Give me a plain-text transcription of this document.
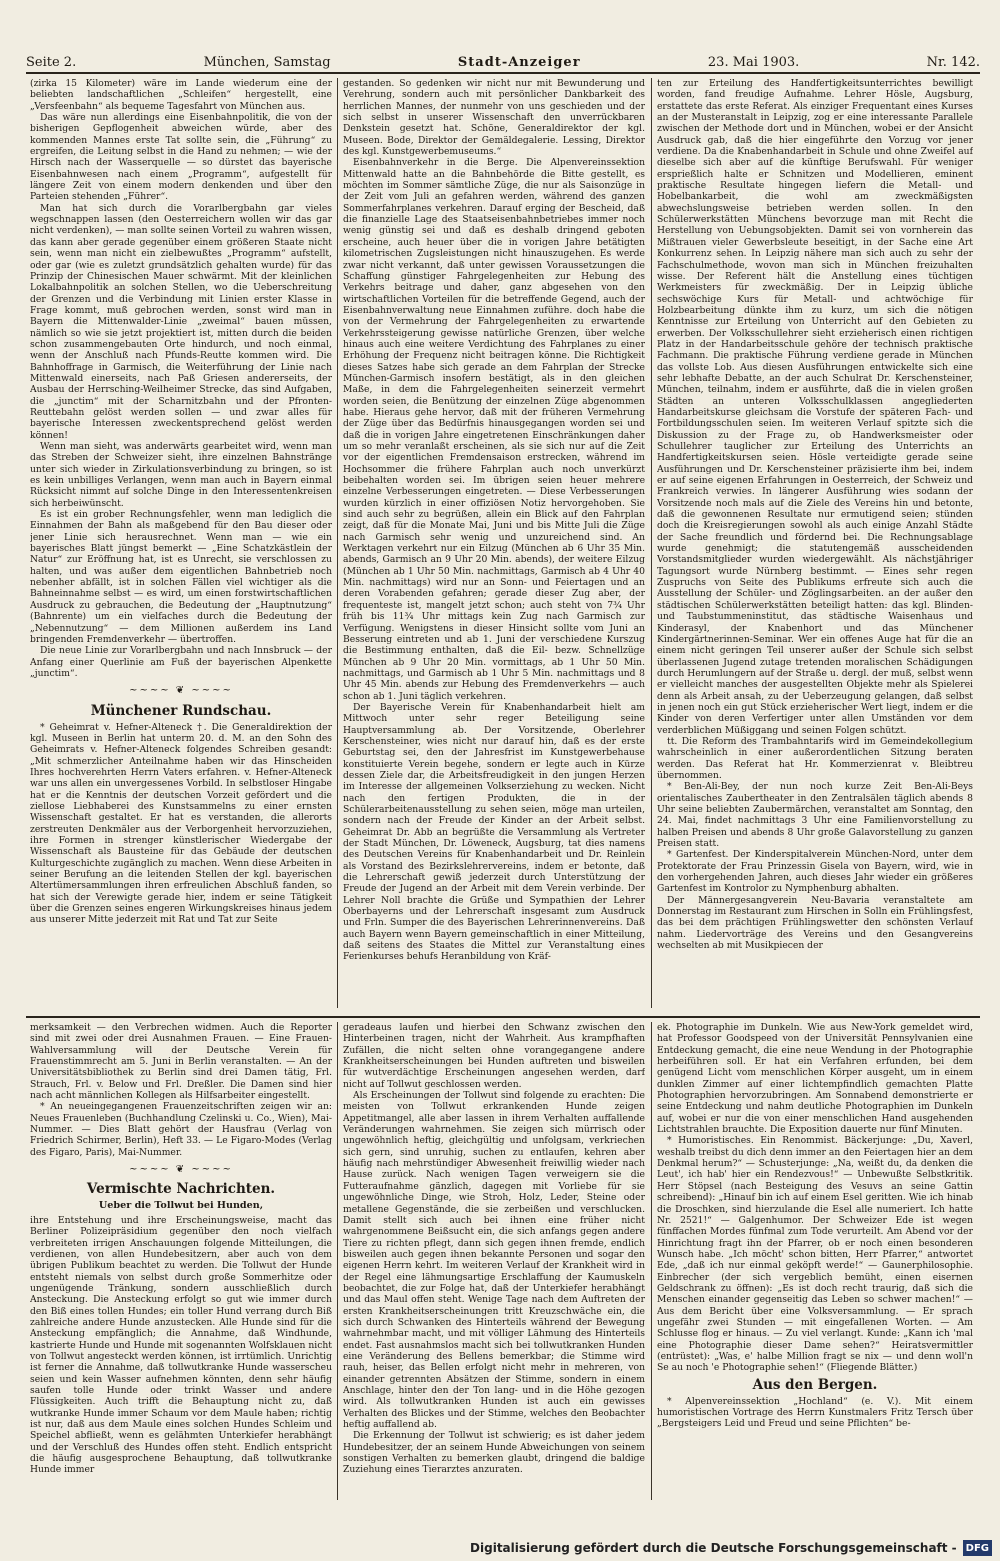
Seite 2.	München, Samstag	Stadt-Anzeiger	23. Mai 1903.	Nr. 142.

(zirka 15 Kilometer) wäre im Lande wiederum eine der beliebten landschaftlichen „Schleifen“ hergestellt, eine „Versfeenbahn“ als bequeme Tagesfahrt von München aus.

Das wäre nun allerdings eine Eisenbahnpolitik, die von der bisherigen Gepflogenheit abweichen würde, aber des kommenden Mannes erste Tat sollte sein, die „Führung“ zu ergreifen, die Leitung selbst in die Hand zu nehmen; — wie der Hirsch nach der Wasserquelle — so dürstet das bayerische Eisenbahnwesen nach einem „Programm“, aufgestellt für längere Zeit von einem modern denkenden und über den Parteien stehenden „Führer“.

Man hat sich durch die Vorarlbergbahn gar vieles wegschnappen lassen (den Oesterreichern wollen wir das gar nicht verdenken), — man sollte seinen Vorteil zu wahren wissen, das kann aber gerade gegenüber einem größeren Staate nicht sein, wenn man nicht ein zielbewußtes „Programm“ aufstellt, oder gar (wie es zuletzt grundsätzlich gehalten wurde) für das Prinzip der Chinesischen Mauer schwärmt. Mit der kleinlichen Lokalbahnpolitik an solchen Stellen, wo die Ueberschreitung der Grenzen und die Verbindung mit Linien erster Klasse in Frage kommt, muß gebrochen werden, sonst wird man in Bayern die Mittenwalder-Linie „zweimal“ bauen müssen, nämlich so wie sie jetzt projektiert ist, mitten durch die beiden schon zusammengebauten Orte hindurch, und noch einmal, wenn der Anschluß nach Pfunds-Reutte kommen wird. Die Bahnhoffrage in Garmisch, die Weiterführung der Linie nach Mittenwald einerseits, nach Paß Griesen andererseits, der Ausbau der Herrsching-Weilheimer Strecke, das sind Aufgaben, die „junctim“ mit der Scharnitzbahn und der Pfronten-Reuttebahn gelöst werden sollen — und zwar alles für bayerische Interessen zweckentsprechend gelöst werden können!

Wenn man sieht, was anderwärts gearbeitet wird, wenn man das Streben der Schweizer sieht, ihre einzelnen Bahnstränge unter sich wieder in Zirkulationsverbindung zu bringen, so ist es kein unbilliges Verlangen, wenn man auch in Bayern einmal Rücksicht nimmt auf solche Dinge in den Interessentenkreisen sich herbeiwünscht.

Es ist ein grober Rechnungsfehler, wenn man lediglich die Einnahmen der Bahn als maßgebend für den Bau dieser oder jener Linie sich herausrechnet. Wenn man — wie ein bayerisches Blatt jüngst bemerkt — „Eine Schatzkästlein der Natur“ zur Eröffnung hat, ist es Unrecht, sie verschlossen zu halten, und was außer dem eigentlichen Bahnbetrieb noch nebenher abfällt, ist in solchen Fällen viel wichtiger als die Bahneinnahme selbst — es wird, um einen forstwirtschaftlichen Ausdruck zu gebrauchen, die Bedeutung der „Hauptnutzung“ (Bahnrente) um ein vielfaches durch die Bedeutung der „Nebennutzung“ — dem Millionen außerdem ins Land bringenden Fremdenverkehr — übertroffen.

Die neue Linie zur Vorarlbergbahn und nach Innsbruck — der Anfang einer Querlinie am Fuß der bayerischen Alpenkette „junctim“.

~~~~ ❦ ~~~~
Münchener Rundschau.

* Geheimrat v. Hefner-Alteneck †. Die Generaldirektion der kgl. Museen in Berlin hat unterm 20. d. M. an den Sohn des Geheimrats v. Hefner-Alteneck folgendes Schreiben gesandt: „Mit schmerzlicher Anteilnahme haben wir das Hinscheiden Ihres hochverehrten Herrn Vaters erfahren. v. Hefner-Alteneck war uns allen ein unvergessenes Vorbild. In selbstloser Hingabe hat er die Kenntnis der deutschen Vorzeit gefördert und die ziellose Liebhaberei des Kunstsammelns zu einer ernsten Wissenschaft gestaltet. Er hat es verstanden, die allerorts zerstreuten Denkmäler aus der Verborgenheit hervorzuziehen, ihre Formen in strenger künstlerischer Wiedergabe der Wissenschaft als Bausteine für das Gebäude der deutschen Kulturgeschichte zugänglich zu machen. Wenn diese Arbeiten in seiner Berufung an die leitenden Stellen der kgl. bayerischen Altertümersammlungen ihren erfreulichen Abschluß fanden, so hat sich der Verewigte gerade hier, indem er seine Tätigkeit über die Grenzen seines engeren Wirkungskreises hinaus jedem aus unserer Mitte jederzeit mit Rat und Tat zur Seite

gestanden. So gedenken wir nicht nur mit Bewunderung und Verehrung, sondern auch mit persönlicher Dankbarkeit des herrlichen Mannes, der nunmehr von uns geschieden und der sich selbst in unserer Wissenschaft den unverrückbaren Denkstein gesetzt hat. Schöne, Generaldirektor der kgl. Museen. Bode, Direktor der Gemäldegalerie. Lessing, Direktor des kgl. Kunstgewerbemuseums.“

Eisenbahnverkehr in die Berge. Die Alpenvereinssektion Mittenwald hatte an die Bahnbehörde die Bitte gestellt, es möchten im Sommer sämtliche Züge, die nur als Saisonzüge in der Zeit vom Juli an gefahren werden, während des ganzen Sommerfahrplanes verkehren. Darauf erging der Bescheid, daß die finanzielle Lage des Staatseisenbahnbetriebes immer noch wenig günstig sei und daß es deshalb dringend geboten erscheine, auch heuer über die in vorigen Jahre betätigten kilometrischen Zugsleistungen nicht hinauszugehen. Es werde zwar nicht verkannt, daß unter gewissen Voraussetzungen die Schaffung günstiger Fahrgelegenheiten zur Hebung des Verkehrs beitrage und daher, ganz abgesehen von den wirtschaftlichen Vorteilen für die betreffende Gegend, auch der Eisenbahnverwaltung neue Einnahmen zuführe. doch habe die von der Vermehrung der Fahrgelegenheiten zu erwartende Verkehrssteigerung gewisse natürliche Grenzen, über welche hinaus auch eine weitere Verdichtung des Fahrplanes zu einer Erhöhung der Frequenz nicht beitragen könne. Die Richtigkeit dieses Satzes habe sich gerade an dem Fahrplan der Strecke München-Garmisch insofern bestätigt, als in den gleichen Maße, in dem die Fahrgelegenheiten seinerzeit vermehrt worden seien, die Benützung der einzelnen Züge abgenommen habe. Hieraus gehe hervor, daß mit der früheren Vermehrung der Züge über das Bedürfnis hinausgegangen worden sei und daß die in vorigen Jahre eingetretenen Einschränkungen daher um so mehr veranlaßt erscheinen, als sie sich nur auf die Zeit vor der eigentlichen Fremdensaison erstrecken, während im Hochsommer die frühere Fahrplan auch noch unverkürzt beibehalten worden sei. Im übrigen seien heuer mehrere einzelne Verbesserungen eingetreten. — Diese Verbesserungen wurden kürzlich in einer offiziösen Notiz hervorgehoben. Sie sind auch sehr zu begrüßen, allein ein Blick auf den Fahrplan zeigt, daß für die Monate Mai, Juni und bis Mitte Juli die Züge nach Garmisch sehr wenig und unzureichend sind. An Werktagen verkehrt nur ein Eilzug (München ab 6 Uhr 35 Min. abends, Garmisch an 9 Uhr 20 Min. abends), der weitere Eilzug (München ab 1 Uhr 50 Min. nachmittags, Garmisch ab 4 Uhr 40 Min. nachmittags) wird nur an Sonn- und Feiertagen und an deren Vorabenden gefahren; gerade dieser Zug aber, der frequenteste ist, mangelt jetzt schon; auch steht von 7¾ Uhr früh bis 11¾ Uhr mittags kein Zug nach Garmisch zur Verfügung. Wenigstens in dieser Hinsicht sollte vom Juni an Besserung eintreten und ab 1. Juni der verschiedene Kurszug die Bestimmung enthalten, daß die Eil- bezw. Schnellzüge München ab 9 Uhr 20 Min. vormittags, ab 1 Uhr 50 Min. nachmittags, und Garmisch ab 1 Uhr 5 Min. nachmittags und 8 Uhr 45 Min. abends zur Hebung des Fremdenverkehrs — auch schon ab 1. Juni täglich verkehren.

Der Bayerische Verein für Knabenhandarbeit hielt am Mittwoch unter sehr reger Beteiligung seine Hauptversammlung ab. Der Vorsitzende, Oberlehrer Kerschensteiner, wies nicht nur darauf hin, daß es der erste Geburtstag sei, den der Jahresfrist im Kunstgewerbehause konstituierte Verein begehe, sondern er legte auch in Kürze dessen Ziele dar, die Arbeitsfreudigkeit in den jungen Herzen im Interesse der allgemeinen Volkserziehung zu wecken. Nicht nach den fertigen Produkten, die in der Schülerarbeitenausstellung zu sehen seien, möge man urteilen, sondern nach der Freude der Kinder an der Arbeit selbst. Geheimrat Dr. Abb an begrüßte die Versammlung als Vertreter der Stadt München, Dr. Löweneck, Augsburg, tat dies namens des Deutschen Vereins für Knabenhandarbeit und Dr. Reinlein als Vorstand des Bezirkslehrervereins, indem er betonte, daß die Lehrerschaft gewiß jederzeit durch Unterstützung der Freude der Jugend an der Arbeit mit dem Verein verbinde. Der Lehrer Noll brachte die Grüße und Sympathien der Lehrer Oberbayerns und der Lehrerschaft insgesamt zum Ausdruck und Frln. Sumper die des Bayerischen Lehrerinnenvereins. Daß auch Bayern wenn Bayern gemeinschaftlich in einer Mitteilung, daß seitens des Staates die Mittel zur Veranstaltung eines Ferienkurses behufs Heranbildung von Kräf-

ten zur Erteilung des Handfertigkeitsunterrichtes bewilligt worden, fand freudige Aufnahme. Lehrer Hösle, Augsburg, erstattete das erste Referat. Als einziger Frequentant eines Kurses an der Musteranstalt in Leipzig, zog er eine interessante Parallele zwischen der Methode dort und in München, wobei er der Ansicht Ausdruck gab, daß die hier eingeführte den Vorzug vor jener verdiene. Da die Knabenhandarbeit in Schule und ohne Zweifel auf dieselbe sich aber auf die künftige Berufswahl. Für weniger ersprießlich halte er Schnitzen und Modellieren, eminent praktische Resultate hingegen liefern die Metall- und Hobelbankarbeit, die wohl am zweckmäßigsten abwechslungsweise betrieben werden sollen. In den Schülerwerkstätten Münchens bevorzuge man mit Recht die Herstellung von Uebungsobjekten. Damit sei von vornherein das Mißtrauen vieler Gewerbsleute beseitigt, in der Sache eine Art Konkurrenz sehen. In Leipzig nähere man sich auch zu sehr der Fachschulmethode, wovon man sich in München freizuhalten wisse. Der Referent hält die Anstellung eines tüchtigen Werkmeisters für zweckmäßig. Der in Leipzig übliche sechswöchige Kurs für Metall- und achtwöchige für Holzbearbeitung dünkte ihm zu kurz, um sich die nötigen Kenntnisse zur Erteilung von Unterricht auf den Gebieten zu erwerben. Der Volksschullehrer sieht erzieherisch einen richtigen Platz in der Handarbeitsschule gehöre der technisch praktische Fachmann. Die praktische Führung verdiene gerade in München das vollste Lob. Aus diesen Ausführungen entwickelte sich eine sehr lebhafte Debatte, an der auch Schulrat Dr. Kerschensteiner, München, teilnahm, indem er ausführte, daß die in vielen großen Städten an unteren Volksschulklassen angegliederten Handarbeitskurse gleichsam die Vorstufe der späteren Fach- und Fortbildungsschulen seien. Im weiteren Verlauf spitzte sich die Diskussion zu der Frage zu, ob Handwerksmeister oder Schullehrer tauglicher zur Erteilung des Unterrichts an Handfertigkeitskursen seien. Hösle verteidigte gerade seine Ausführungen und Dr. Kerschensteiner präzisierte ihm bei, indem er auf seine eigenen Erfahrungen in Oesterreich, der Schweiz und Frankreich verwies. In längerer Ausführung wies sodann der Vorsitzende noch mals auf die Ziele des Vereins hin und betonte, daß die gewonnenen Resultate nur ermutigend seien; stünden doch die Kreisregierungen sowohl als auch einige Anzahl Städte der Sache freundlich und fördernd bei. Die Rechnungsablage wurde genehmigt; die statutengemäß ausscheidenden Vorstandsmitglieder wurden wiedergewählt. Als nächstjähriger Tagungsort wurde Nürnberg bestimmt. — Eines sehr regen Zuspruchs von Seite des Publikums erfreute sich auch die Ausstellung der Schüler- und Zöglingsarbeiten. an der außer den städtischen Schülerwerkstätten beteiligt hatten: das kgl. Blinden- und Taubstummeninstitut, das städtische Waisenhaus und Kinderasyl, der Knabenhort und das Münchener Kindergärtnerinnen-Seminar. Wer ein offenes Auge hat für die an einem nicht geringen Teil unserer außer der Schule sich selbst überlassenen Jugend zutage tretenden moralischen Schädigungen durch Herumlungern auf der Straße u. dergl. der muß, selbst wenn er vielleicht manches der ausgestellten Objekte mehr als Spielerei denn als Arbeit ansah, zu der Ueberzeugung gelangen, daß selbst in jenen noch ein gut Stück erzieherischer Wert liegt, indem er die Kinder von deren Verfertiger unter allen Umständen vor dem verderblichen Müßiggang und seinen Folgen schützt.

tt. Die Reform des Trambahntarifs wird im Gemeindekollegium wahrscheinlich in einer außerordentlichen Sitzung beraten werden. Das Referat hat Hr. Kommerzienrat v. Bleibtreu übernommen.

* Ben-Ali-Bey, der nun noch kurze Zeit Ben-Ali-Beys orientalisches Zaubertheater in den Zentralsälen täglich abends 8 Uhr seine beliebten Zaubermärchen, veranstaltet am Sonntag, den 24. Mai, findet nachmittags 3 Uhr eine Familienvorstellung zu halben Preisen und abends 8 Uhr große Galavorstellung zu ganzen Preisen statt.

* Gartenfest. Der Kinderspitalverein München-Nord, unter dem Protektorate der Frau Prinzessin Gisela von Bayern, wird, wie in den vorhergehenden Jahren, auch dieses Jahr wieder ein größeres Gartenfest im Kontrolor zu Nymphenburg abhalten.

Der Männergesangverein Neu-Bavaria veranstaltete am Donnerstag im Restaurant zum Hirschen in Solln ein Frühlingsfest, das bei dem prächtigen Frühlingswetter den schönsten Verlauf nahm. Liedervorträge des Vereins und den Gesangvereins wechselten ab mit Musikpiecen der

merksamkeit — den Verbrechen widmen. Auch die Reporter sind mit zwei oder drei Ausnahmen Frauen. — Eine Frauen-Wahlversammlung will der Deutsche Verein für Frauenstimmrecht am 5. Juni in Berlin veranstalten. — An der Universitätsbibliothek zu Berlin sind drei Damen tätig, Frl. Strauch, Frl. v. Below und Frl. Dreßler. Die Damen sind hier nach acht männlichen Kollegen als Hilfsarbeiter eingestellt.

* An neueingegangenen Frauenzeitschriften zeigen wir an: Neues Frauenleben (Buchhandlung Czelinski u. Co., Wien), Mai-Nummer. — Dies Blatt gehört der Hausfrau (Verlag von Friedrich Schirmer, Berlin), Heft 33. — Le Figaro-Modes (Verlag des Figaro, Paris), Mai-Nummer.

~~~~ ❦ ~~~~
Vermischte Nachrichten.
Ueber die Tollwut bei Hunden,

ihre Entstehung und ihre Erscheinungsweise, macht das Berliner Polizeipräsidium gegenüber den noch vielfach verbreiteten irrigen Anschauungen folgende Mitteilungen, die verdienen, von allen Hundebesitzern, aber auch von dem übrigen Publikum beachtet zu werden. Die Tollwut der Hunde entsteht niemals von selbst durch große Sommerhitze oder ungenügende Tränkung, sondern ausschließlich durch Ansteckung. Die Ansteckung erfolgt so gut wie immer durch den Biß eines tollen Hundes; ein toller Hund verrang durch Biß zahlreiche andere Hunde anzustecken. Alle Hunde sind für die Ansteckung empfänglich; die Annahme, daß Windhunde, kastrierte Hunde und Hunde mit sogenannten Wolfsklauen nicht von Tollwut angesteckt werden können, ist irrtümlich. Unrichtig ist ferner die Annahme, daß tollwutkranke Hunde wasserscheu seien und kein Wasser aufnehmen könnten, denn sehr häufig saufen tolle Hunde oder trinkt Wasser und andere Flüssigkeiten. Auch trifft die Behauptung nicht zu, daß wutkranke Hunde immer Schaum vor dem Maule haben; richtig ist nur, daß aus dem Maule eines solchen Hundes Schleim und Speichel abfließt, wenn es gelähmten Unterkiefer herabhängt und der Verschluß des Hundes offen steht. Endlich entspricht die häufig ausgesprochene Behauptung, daß tollwutkranke Hunde immer

geradeaus laufen und hierbei den Schwanz zwischen den Hinterbeinen tragen, nicht der Wahrheit. Aus krampfhaften Zufällen, die nicht selten ohne vorangegangene andere Krankheitserscheinungen bei Hunden auftreten und bisweilen für wutverdächtige Erscheinungen angesehen werden, darf nicht auf Tollwut geschlossen werden.

Als Erscheinungen der Tollwut sind folgende zu erachten: Die meisten von Tollwut erkrankenden Hunde zeigen Appetitmangel, alle aber lassen in ihrem Verhalten auffallende Veränderungen wahrnehmen. Sie zeigen sich mürrisch oder ungewöhnlich heftig, gleichgültig und unfolgsam, verkriechen sich gern, sind unruhig, suchen zu entlaufen, kehren aber häufig nach mehrstündiger Abwesenheit freiwillig wieder nach Hause zurück. Nach wenigen Tagen verweigern sie die Futteraufnahme gänzlich, dagegen mit Vorliebe für sie ungewöhnliche Dinge, wie Stroh, Holz, Leder, Steine oder metallene Gegenstände, die sie zerbeißen und verschlucken. Damit stellt sich auch bei ihnen eine früher nicht wahrgenommene Beißsucht ein, die sich anfangs gegen andere Tiere zu richten pflegt, dann sich gegen ihnen fremde, endlich bisweilen auch gegen ihnen bekannte Personen und sogar den eigenen Herrn kehrt. Im weiteren Verlauf der Krankheit wird in der Regel eine lähmungsartige Erschlaffung der Kaumuskeln beobachtet, die zur Folge hat, daß der Unterkiefer herabhängt und das Maul offen steht. Wenige Tage nach dem Auftreten der ersten Krankheitserscheinungen tritt Kreuzschwäche ein, die sich durch Schwanken des Hinterteils während der Bewegung wahrnehmbar macht, und mit völliger Lähmung des Hinterteils endet. Fast ausnahmslos macht sich bei tollwutkranken Hunden eine Veränderung des Bellens bemerkbar; die Stimme wird rauh, heiser, das Bellen erfolgt nicht mehr in mehreren, von einander getrennten Absätzen der Stimme, sondern in einem Anschlage, hinter den der Ton lang- und in die Höhe gezogen wird. Als tollwutkranken Hunden ist auch ein gewisses Verhalten des Blickes und der Stimme, welches den Beobachter heftig auffallend ab.

Die Erkennung der Tollwut ist schwierig; es ist daher jedem Hundebesitzer, der an seinem Hunde Abweichungen von seinem sonstigen Verhalten zu bemerken glaubt, dringend die baldige Zuziehung eines Tierarztes anzuraten.

ek. Photographie im Dunkeln. Wie aus New-York gemeldet wird, hat Professor Goodspeed von der Universität Pennsylvanien eine Entdeckung gemacht, die eine neue Wendung in der Photographie herbeiführen soll. Er hat ein Verfahren erfunden, bei dem genügend Licht vom menschlichen Körper ausgeht, um in einem dunklen Zimmer auf einer lichtempfindlich gemachten Platte Photographien hervorzubringen. Am Sonnabend demonstrierte er seine Entdeckung und nahm deutliche Photographien im Dunkeln auf, wobei er nur die von einer menschlichen Hand ausgehenden Lichtstrahlen brauchte. Die Exposition dauerte nur fünf Minuten.

* Humoristisches. Ein Renommist. Bäckerjunge: „Du, Xaverl, weshalb treibst du dich denn immer an den Feiertagen hier an dem Denkmal herum?“ — Schusterjunge: „Na, weißt du, da denken die Leut', ich hab' hier ein Rendezvous!“ — Unbewußte Selbstkritik. Herr Stöpsel (nach Besteigung des Vesuvs an seine Gattin schreibend): „Hinauf bin ich auf einem Esel geritten. Wie ich hinab die Droschken, sind hierzulande die Esel alle numeriert. Ich hatte Nr. 2521!“ — Galgenhumor. Der Schweizer Ede ist wegen fünffachen Mordes fünfmal zum Tode verurteilt. Am Abend vor der Hinrichtung fragt ihn der Pfarrer, ob er noch einen besonderen Wunsch habe. „Ich möcht' schon bitten, Herr Pfarrer,“ antwortet Ede, „daß ich nur einmal geköpft werde!“ — Gaunerphilosophie. Einbrecher (der sich vergeblich bemüht, einen eisernen Geldschrank zu öffnen): „Es ist doch recht traurig, daß sich die Menschen einander gegenseitig das Leben so schwer machen!“ — Aus dem Bericht über eine Volksversammlung. — Er sprach ungefähr zwei Stunden — mit eingefallenen Worten. — Am Schlusse flog er hinaus. — Zu viel verlangt. Kunde: „Kann ich 'mal eine Photographie dieser Dame sehen?“ Heiratsvermittler (entrüstet): „Was, e' halbe Million fragt se nix — und denn woll'n Se au noch 'e Photographie sehen!“ (Fliegende Blätter.)

Aus den Bergen.

* Alpenvereinssektion „Hochland“ (e. V.). Mit einem humoristischen Vortrage des Herrn Kunstmalers Fritz Tersch über „Bergsteigers Leid und Freud und seine Pflichten“ be-

Digitalisierung gefördert durch die Deutsche Forschungsgemeinschaft - DFG
